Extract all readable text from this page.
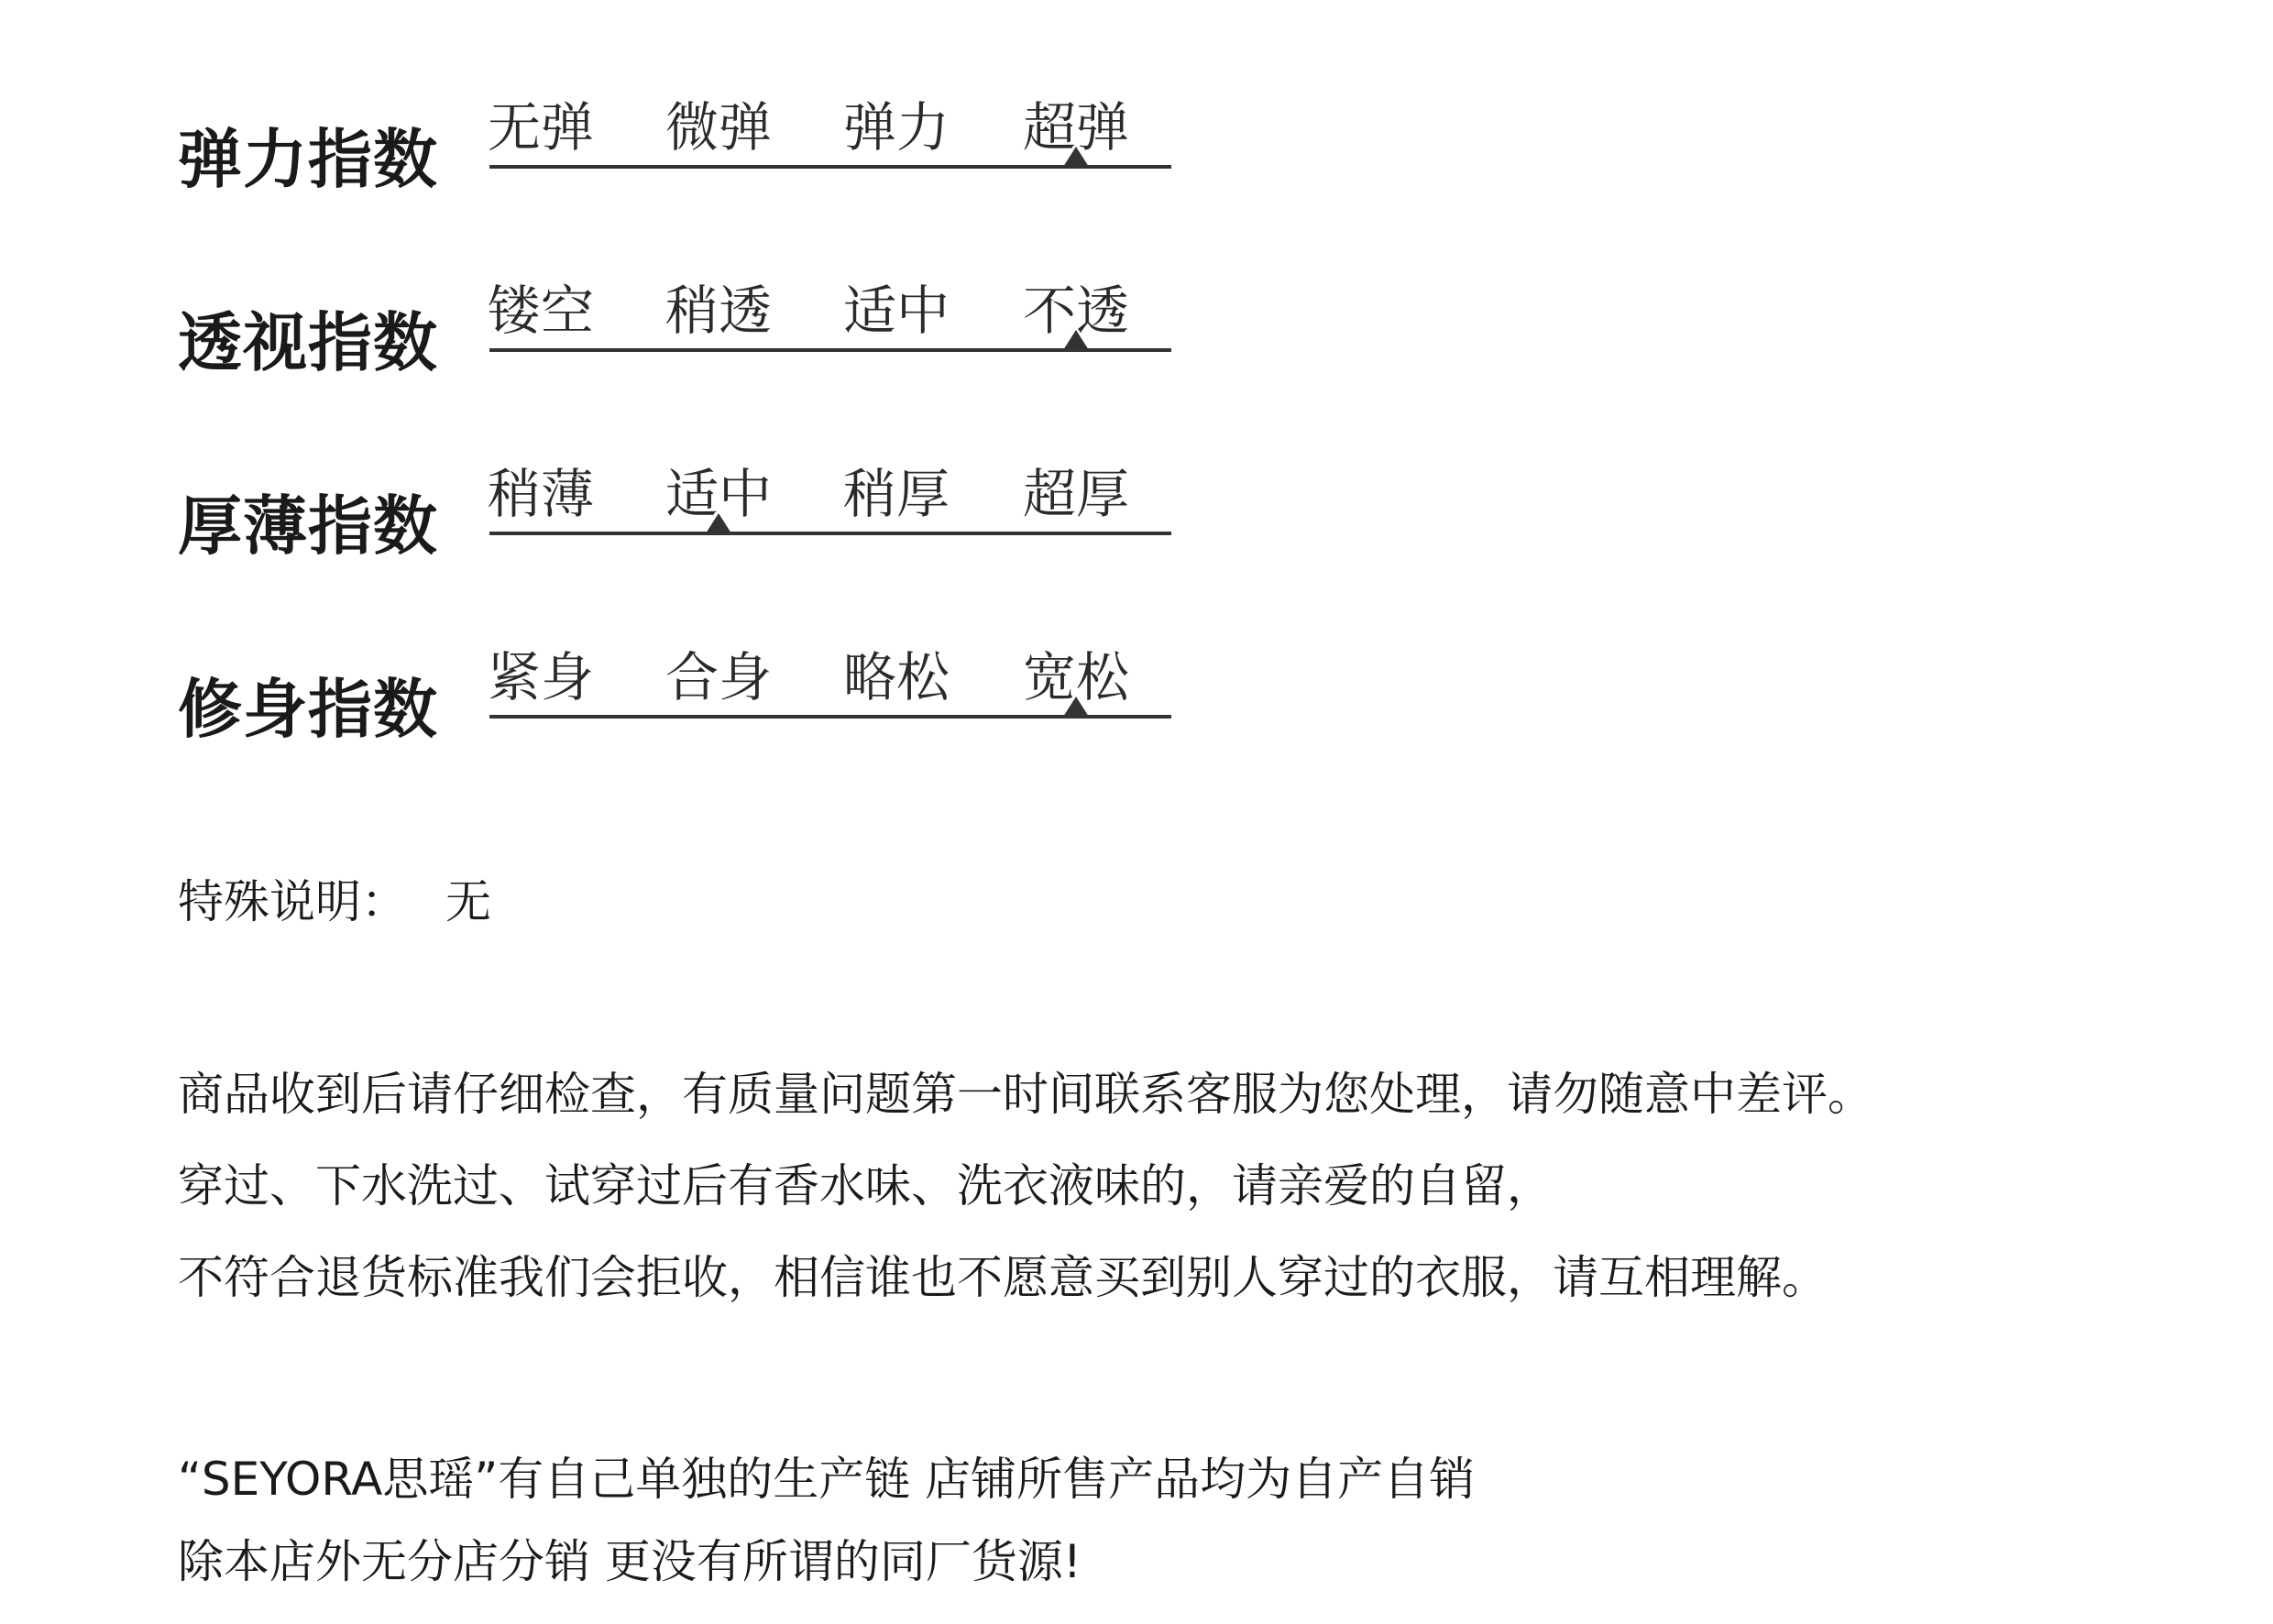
弹力指数 无弹 微弹 弹力 超弹
透视指数 镂空 稍透 适中 不透
厚薄指数 稍薄 适中 稍厚 超厚
修身指数 紧身 合身 略松 宽松
特殊说明： 无
商品收到后请仔细检查，有质量问题第一时间联系客服为您处理，请勿随意中差评。
穿过、下水洗过、试穿过后有香水味、洗衣液味的，请亲爱的自留，
不符合退货标准我们会拒收，相信谁也不愿意买到别人穿过的衣服，请互相理解。
“SEYORA思瑶”有自己单独的生产链 店铺所售产品均为自产自销
除本店外无分店分销 更没有所谓的同厂货源!
